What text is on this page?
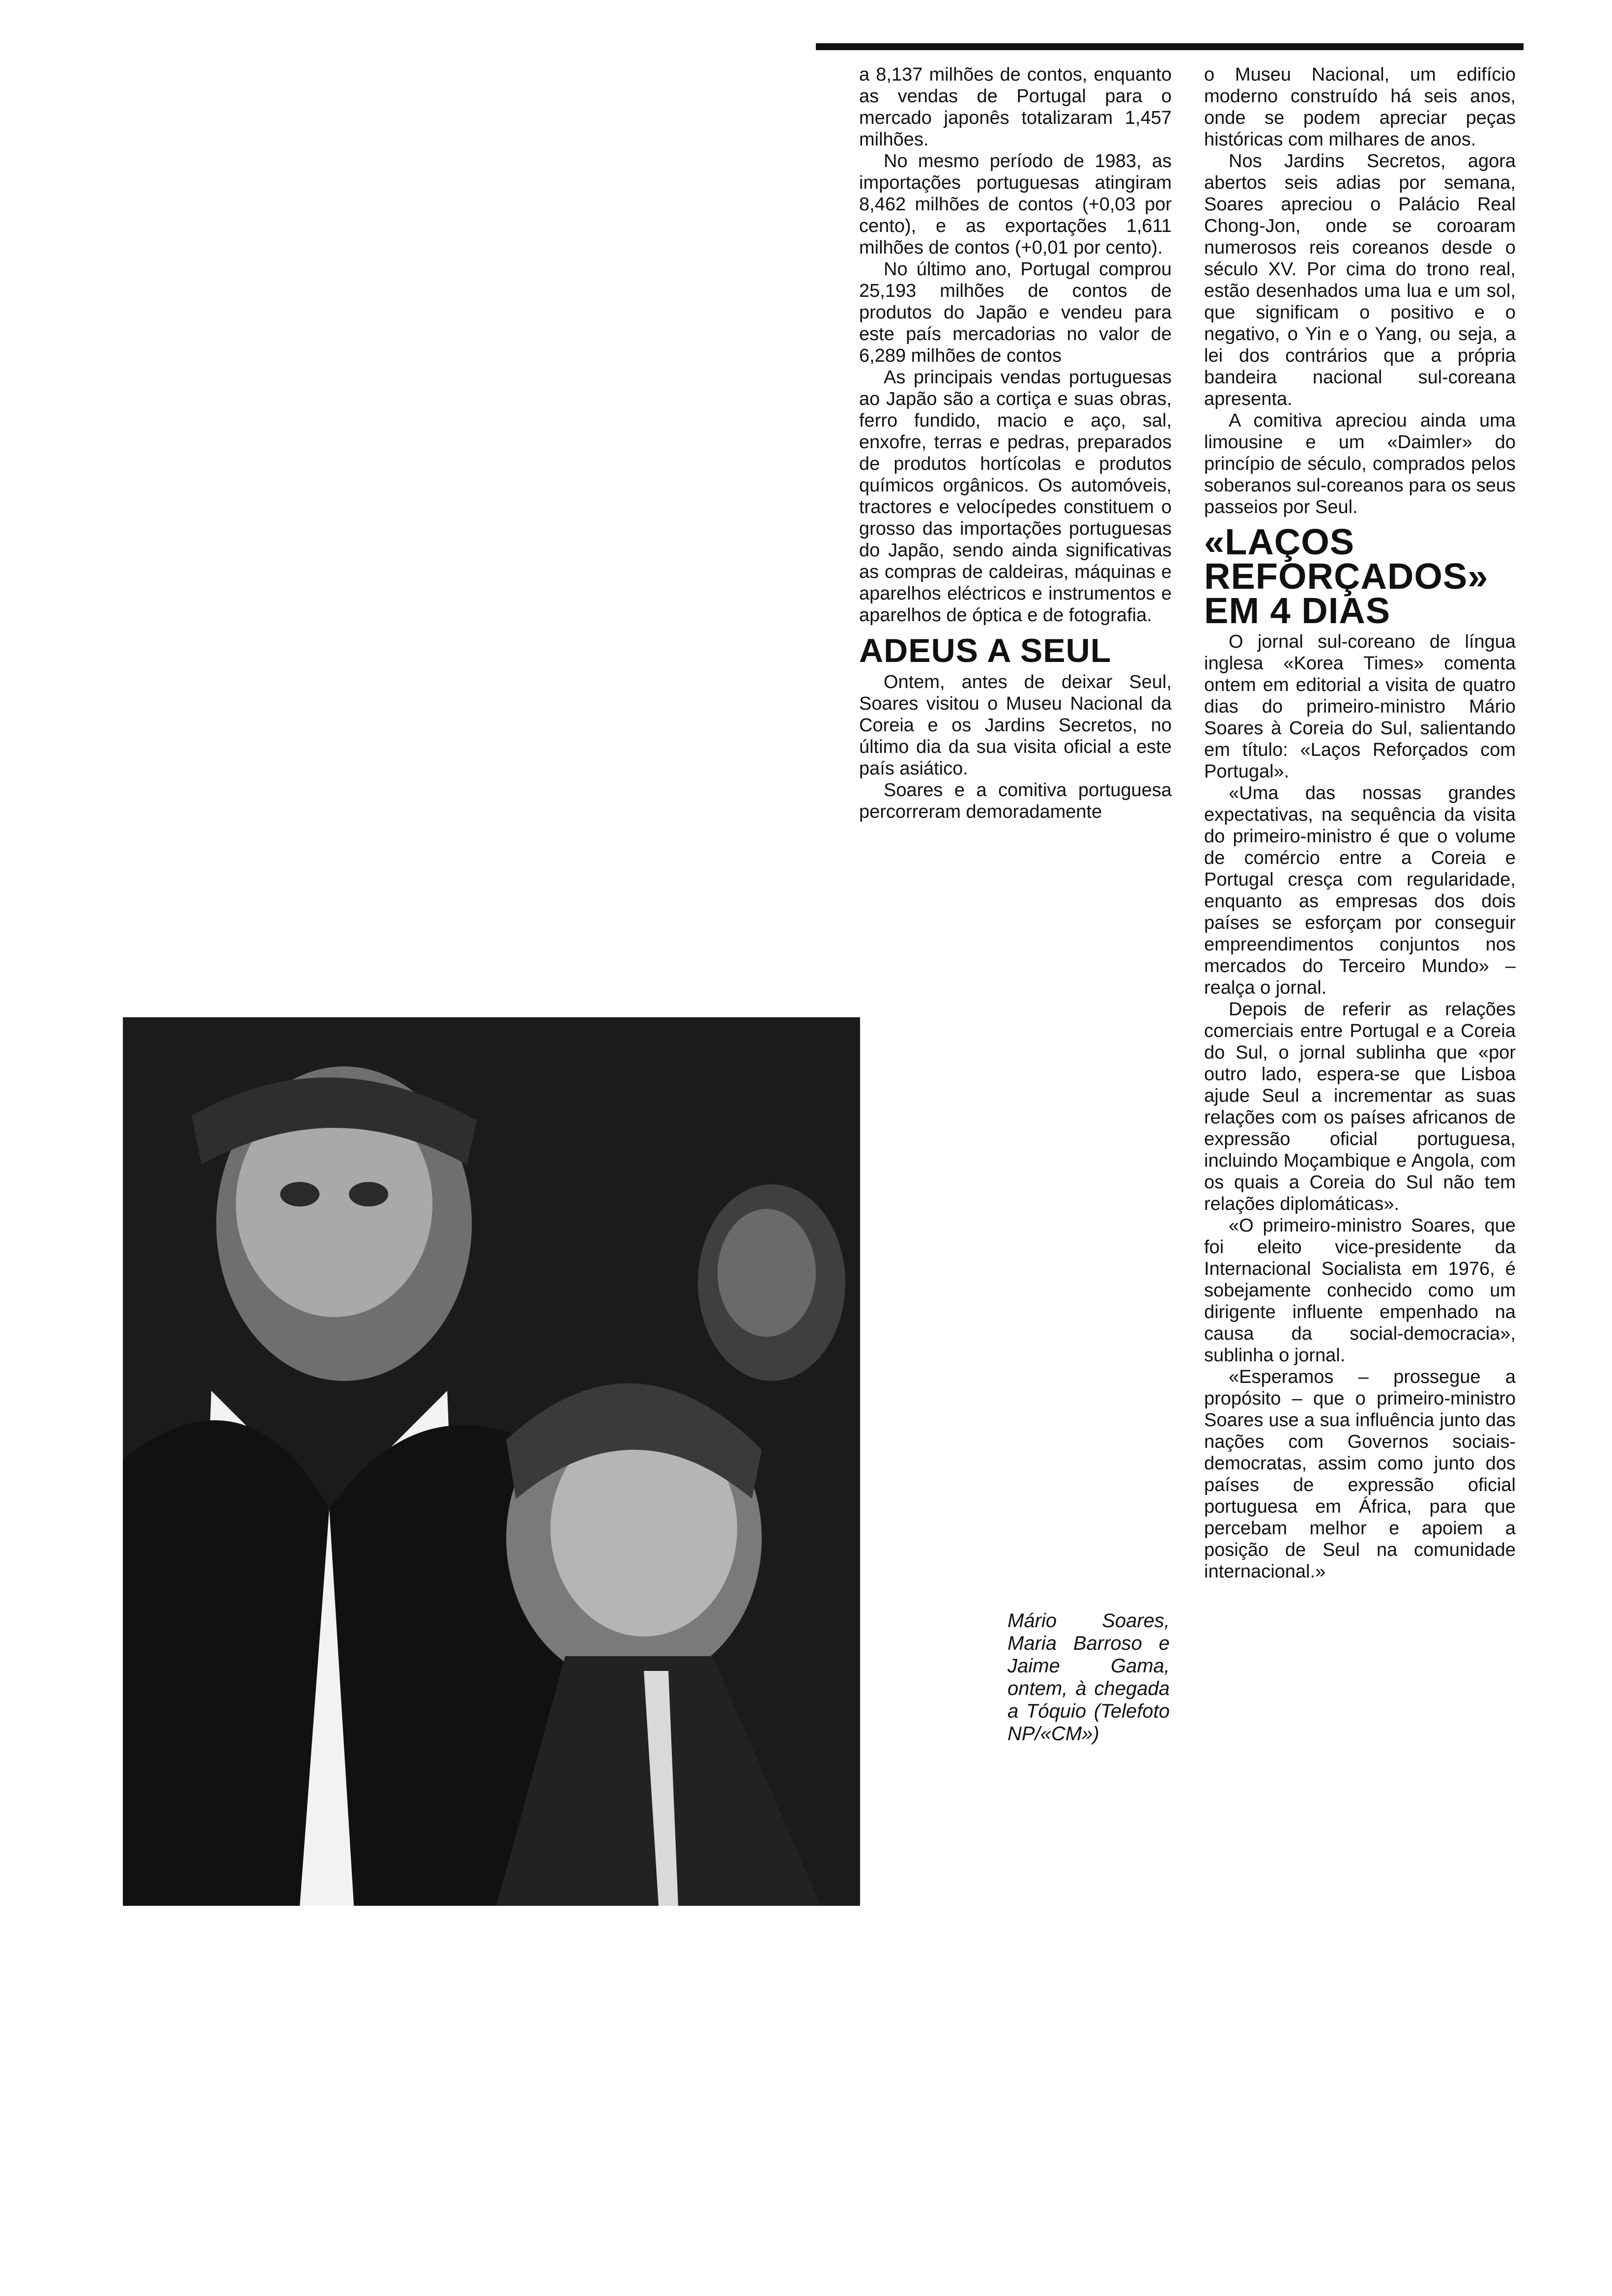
a 8,137 milhões de contos, enquanto as vendas de Portugal para o mercado japonês totalizaram 1,457 milhões.

No mesmo período de 1983, as importações portuguesas atingiram 8,462 milhões de contos (+0,03 por cento), e as exportações 1,611 milhões de contos (+0,01 por cento).

No último ano, Portugal comprou 25,193 milhões de contos de produtos do Japão e vendeu para este país mercadorias no valor de 6,289 milhões de contos

As principais vendas portuguesas ao Japão são a cortiça e suas obras, ferro fundido, macio e aço, sal, enxofre, terras e pedras, preparados de produtos hortícolas e produtos químicos orgânicos. Os automóveis, tractores e velocípedes constituem o grosso das importações portuguesas do Japão, sendo ainda significativas as compras de caldeiras, máquinas e aparelhos eléctricos e instrumentos e aparelhos de óptica e de fotografia.

ADEUS A SEUL

Ontem, antes de deixar Seul, Soares visitou o Museu Nacional da Coreia e os Jardins Secretos, no último dia da sua visita oficial a este país asiático.

Soares e a comitiva portuguesa percorreram demoradamente

o Museu Nacional, um edifício moderno construído há seis anos, onde se podem apreciar peças históricas com milhares de anos.

Nos Jardins Secretos, agora abertos seis adias por semana, Soares apreciou o Palácio Real Chong-Jon, onde se coroaram numerosos reis coreanos desde o século XV. Por cima do trono real, estão desenhados uma lua e um sol, que significam o positivo e o negativo, o Yin e o Yang, ou seja, a lei dos contrários que a própria bandeira nacional sul-coreana apresenta.

A comitiva apreciou ainda uma limousine e um «Daimler» do princípio de século, comprados pelos soberanos sul-coreanos para os seus passeios por Seul.

«LAÇOS REFORÇADOS» EM 4 DIAS

O jornal sul-coreano de língua inglesa «Korea Times» comenta ontem em editorial a visita de quatro dias do primeiro-ministro Mário Soares à Coreia do Sul, salientando em título: «Laços Reforçados com Portugal».

«Uma das nossas grandes expectativas, na sequência da visita do primeiro-ministro é que o volume de comércio entre a Coreia e Portugal cresça com regularidade, enquanto as empresas dos dois países se esforçam por conseguir empreendimentos conjuntos nos mercados do Terceiro Mundo» – realça o jornal.

Depois de referir as relações comerciais entre Portugal e a Coreia do Sul, o jornal sublinha que «por outro lado, espera-se que Lisboa ajude Seul a incrementar as suas relações com os países africanos de expressão oficial portuguesa, incluindo Moçambique e Angola, com os quais a Coreia do Sul não tem relações diplomáticas».

«O primeiro-ministro Soares, que foi eleito vice-presidente da Internacional Socialista em 1976, é sobejamente conhecido como um dirigente influente empenhado na causa da social-democracia», sublinha o jornal.

«Esperamos – prossegue a propósito – que o primeiro-ministro Soares use a sua influência junto das nações com Governos sociais-democratas, assim como junto dos países de expressão oficial portuguesa em África, para que percebam melhor e apoiem a posição de Seul na comunidade internacional.»

Mário Soares, Maria Barroso e Jaime Gama, ontem, à chegada a Tóquio (Telefoto NP/«CM»)
